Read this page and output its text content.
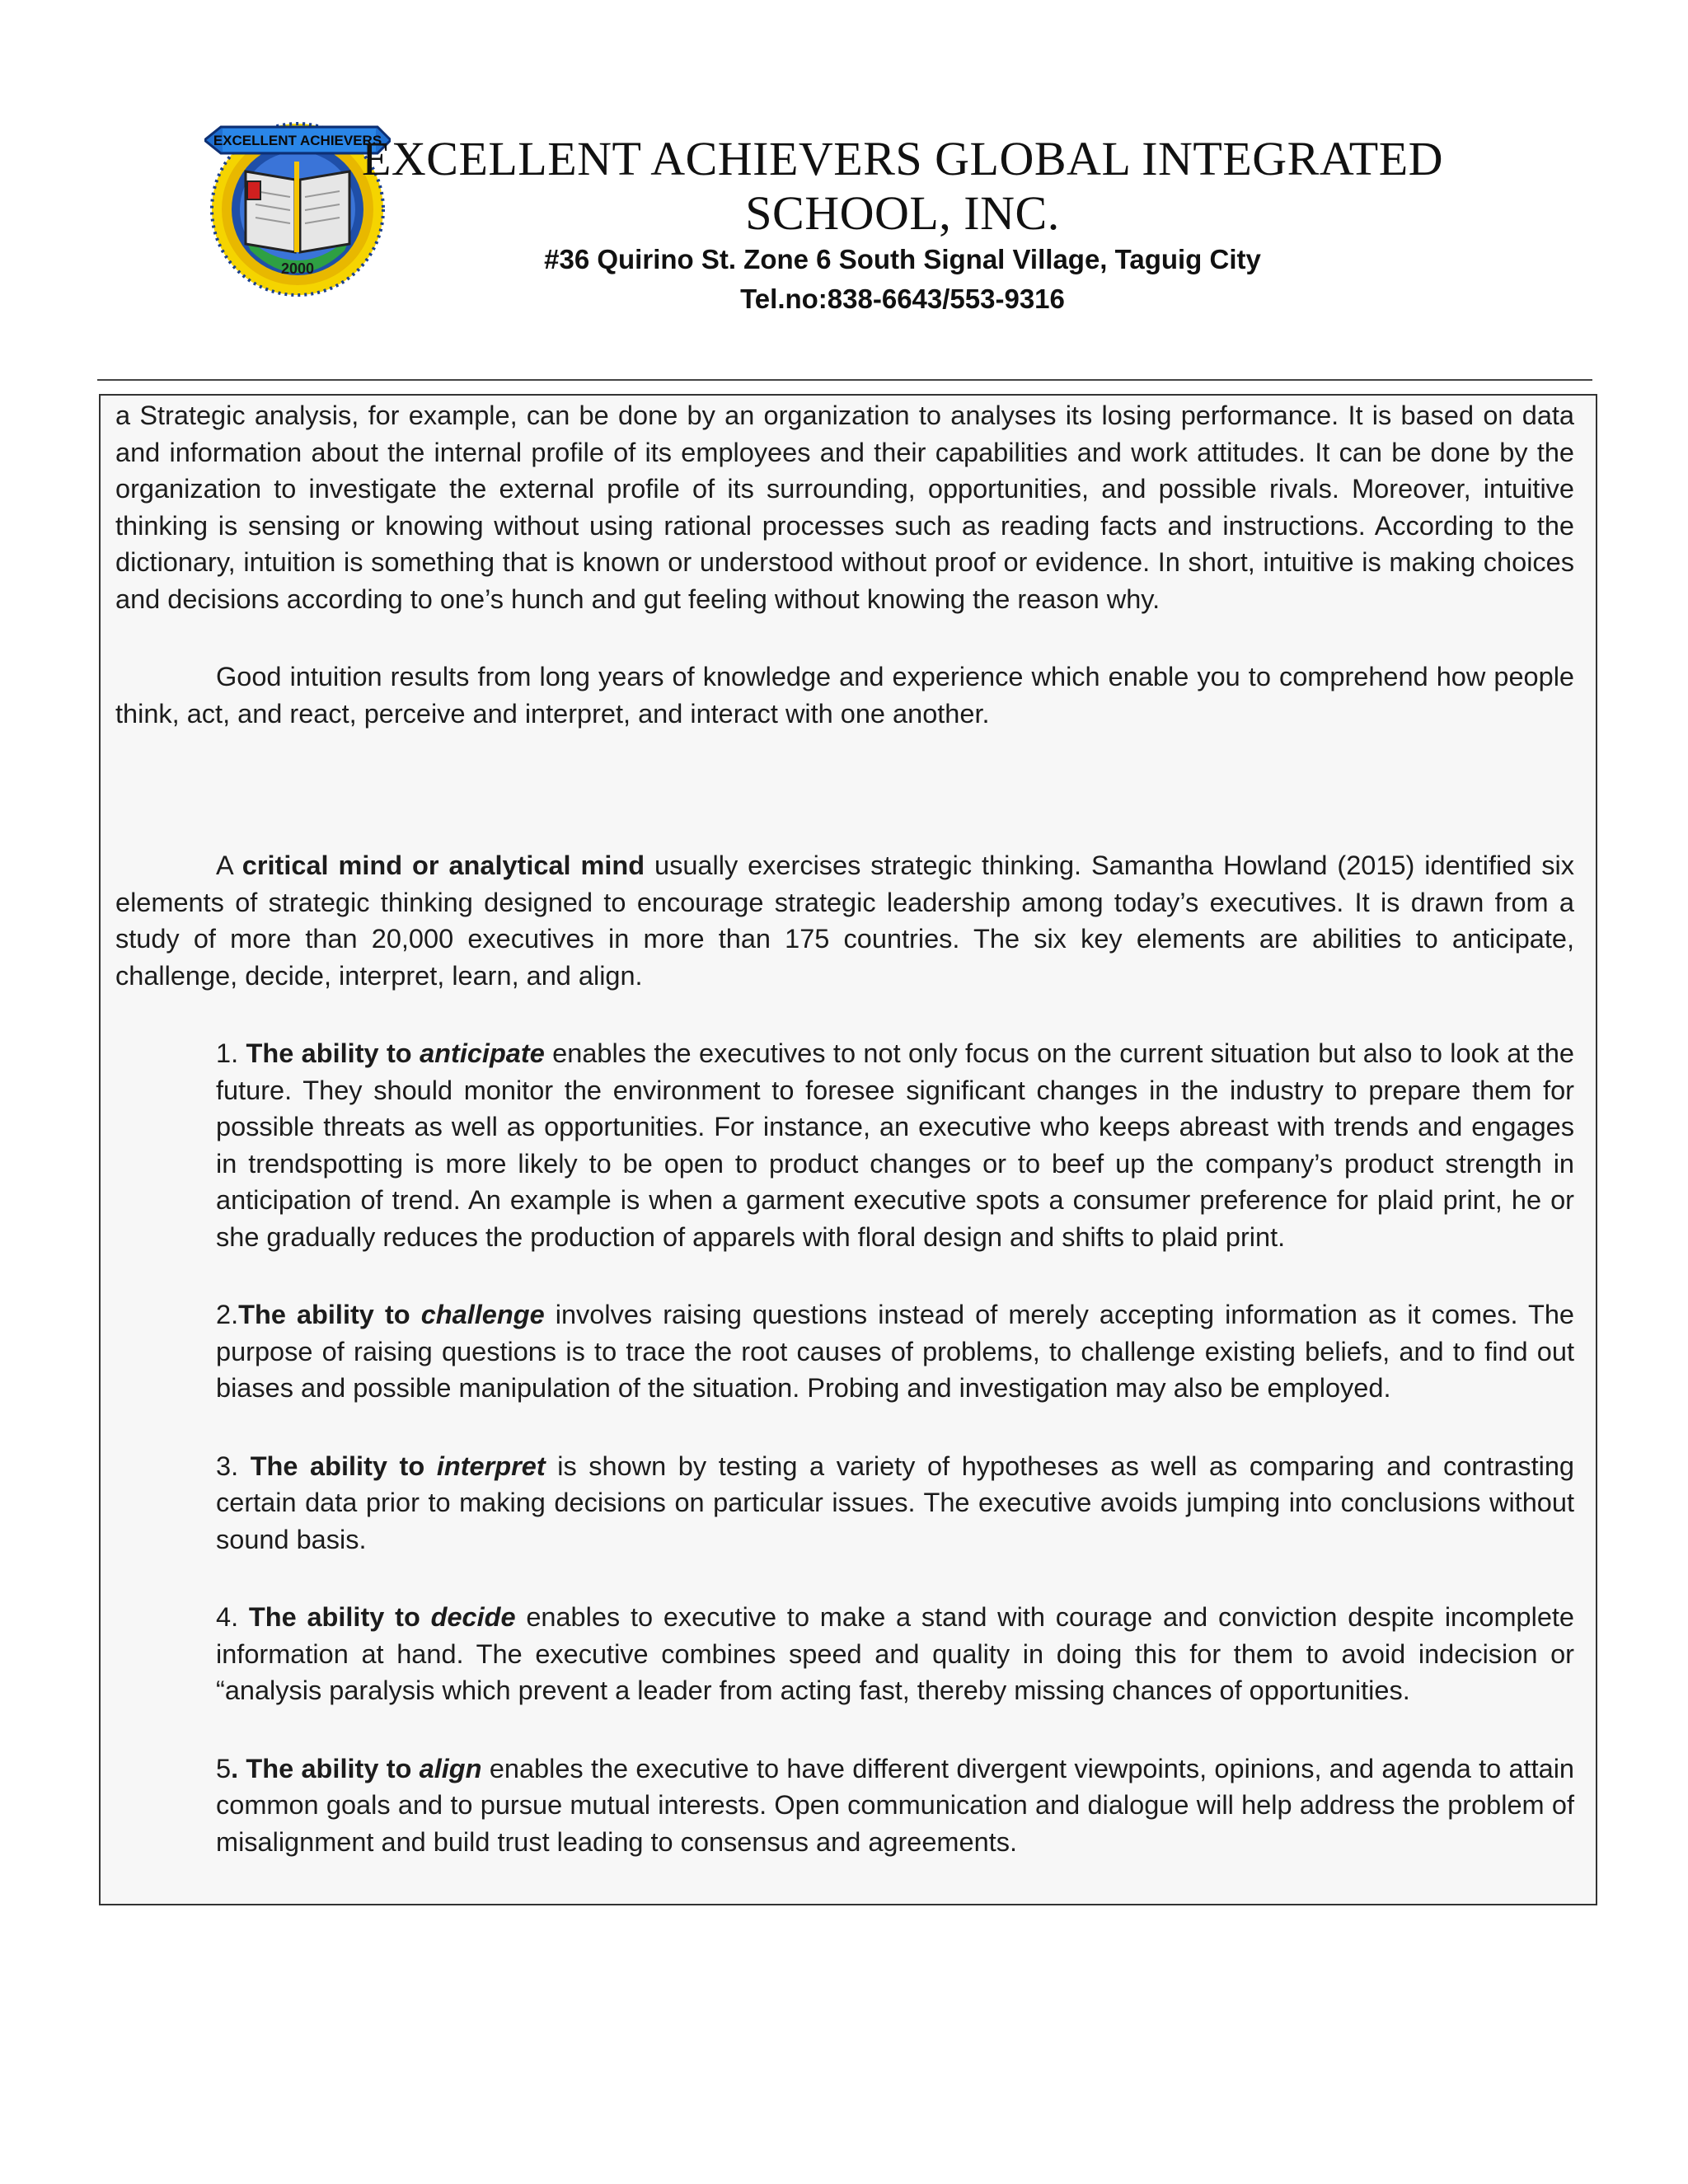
EXCELLENT ACHIEVERS
2000
EXCELLENT ACHIEVERS GLOBAL INTEGRATED
SCHOOL, INC.
#36 Quirino St. Zone 6 South Signal Village, Taguig City
Tel.no:838-6643/553-9316

a Strategic analysis, for example, can be done by an organization to analyses its losing performance. It is based on data and information about the internal profile of its employees and their capabilities and work attitudes. It can be done by the organization to investigate the external profile of its surrounding, opportunities, and possible rivals. Moreover, intuitive thinking is sensing or knowing without using rational processes such as reading facts and instructions. According to the dictionary, intuition is something that is known or understood without proof or evidence. In short, intuitive is making choices and decisions according to one’s hunch and gut feeling without knowing the reason why.

Good intuition results from long years of knowledge and experience which enable you to comprehend how people think, act, and react, perceive and interpret, and interact with one another.

A critical mind or analytical mind usually exercises strategic thinking. Samantha Howland (2015) identified six elements of strategic thinking designed to encourage strategic leadership among today’s executives. It is drawn from a study of more than 20,000 executives in more than 175 countries. The six key elements are abilities to anticipate, challenge, decide, interpret, learn, and align.

1. The ability to anticipate enables the executives to not only focus on the current situation but also to look at the future. They should monitor the environment to foresee significant changes in the industry to prepare them for possible threats as well as opportunities. For instance, an executive who keeps abreast with trends and engages in trendspotting is more likely to be open to product changes or to beef up the company’s product strength in anticipation of trend. An example is when a garment executive spots a consumer preference for plaid print, he or she gradually reduces the production of apparels with floral design and shifts to plaid print.

2.The ability to challenge involves raising questions instead of merely accepting information as it comes. The purpose of raising questions is to trace the root causes of problems, to challenge existing beliefs, and to find out biases and possible manipulation of the situation. Probing and investigation may also be employed.

3. The ability to interpret is shown by testing a variety of hypotheses as well as comparing and contrasting certain data prior to making decisions on particular issues. The executive avoids jumping into conclusions without sound basis.

4. The ability to decide enables to executive to make a stand with courage and conviction despite incomplete information at hand. The executive combines speed and quality in doing this for them to avoid indecision or “analysis paralysis which prevent a leader from acting fast, thereby missing chances of opportunities.

5. The ability to align enables the executive to have different divergent viewpoints, opinions, and agenda to attain common goals and to pursue mutual interests. Open communication and dialogue will help address the problem of misalignment and build trust leading to consensus and agreements.
